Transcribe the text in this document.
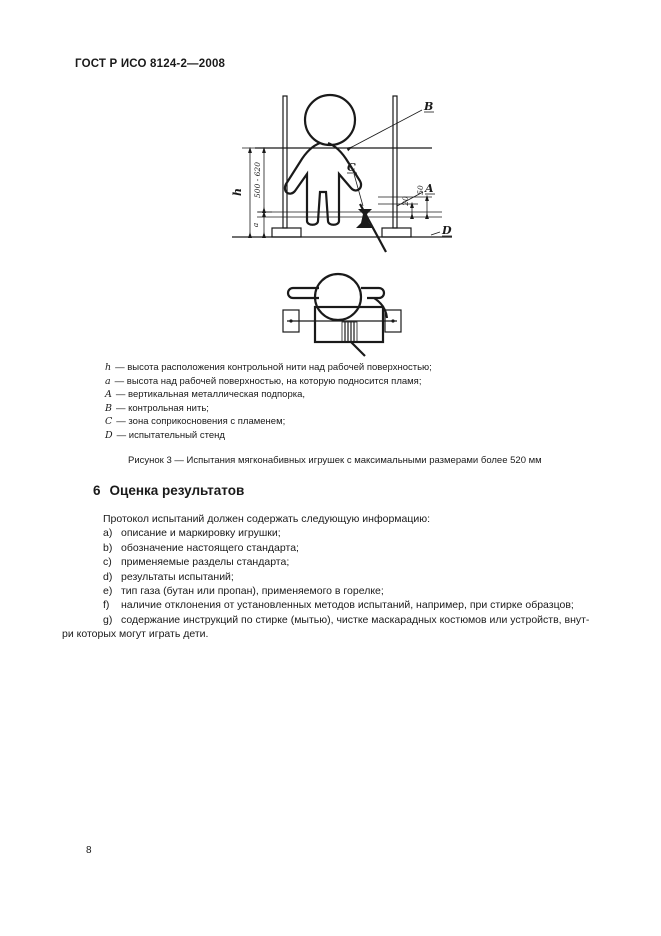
ГОСТ Р ИСО 8124-2—2008
h 500 - 620
a
20
50
B
A
C
D
h — высота расположения контрольной нити над рабочей поверхностью;
a — высота над рабочей поверхностью, на которую подносится пламя;
A — вертикальная металлическая подпорка,
B — контрольная нить;
C — зона соприкосновения с пламенем;
D — испытательный стенд
Рисунок 3 — Испытания мягконабивных игрушек с максимальными размерами более 520 мм
6 Оценка результатов
Протокол испытаний должен содержать следующую информацию:
a) описание и маркировку игрушки;
b) обозначение настоящего стандарта;
c) применяемые разделы стандарта;
d) результаты испытаний;
e) тип газа (бутан или пропан), применяемого в горелке;
f) наличие отклонения от установленных методов испытаний, например, при стирке образцов;
g) содержание инструкций по стирке (мытью), чистке маскарадных костюмов или устройств, внут-
ри которых могут играть дети.
8
